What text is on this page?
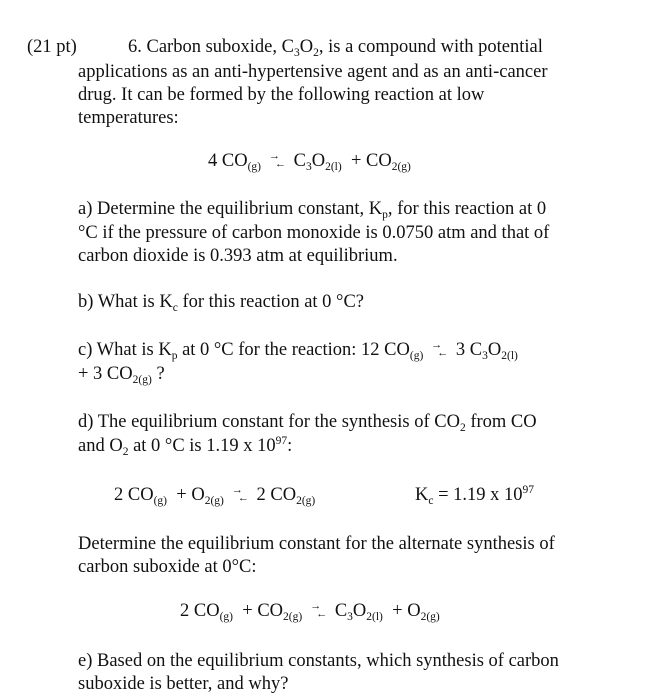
(21 pt)	6. Carbon suboxide, $C_3O_2$, is a compound with potential
applications as an anti-hypertensive agent and as an anti-cancer
drug. It can be formed by the following reaction at low
temperatures:
4 $CO_{(g)}$
→
← $C_3O_{2(l)} + CO_{2(g)}$
a) Determine the equilibrium constant, $K_p$, for this reaction at 0
°C if the pressure of carbon monoxide is 0.0750 atm and that of
carbon dioxide is 0.393 atm at equilibrium.
b) What is $K_c$ for this reaction at 0 °C?
c) What is $K_p$ at 0 °C for the reaction: 12 $CO_{(g)}$
→
← 3 $C_3O_{2(l)}$
+ 3 $CO_{2(g)}$ ?
d) The equilibrium constant for the synthesis of $CO_2$ from CO
and $O_2$ at 0 °C is 1.19 x $10^{97}$:
2 $CO_{(g)} + O_{2(g)}$
→
← 2 $CO_{2(g)}$	$K_c = 1.19$ x $10^{97}$
Determine the equilibrium constant for the alternate synthesis of
carbon suboxide at 0°C:
2 $CO_{(g)} + CO_{2(g)}$
→
← $C_3O_{2(l)} + O_{2(g)}$
e) Based on the equilibrium constants, which synthesis of carbon
suboxide is better, and why?
